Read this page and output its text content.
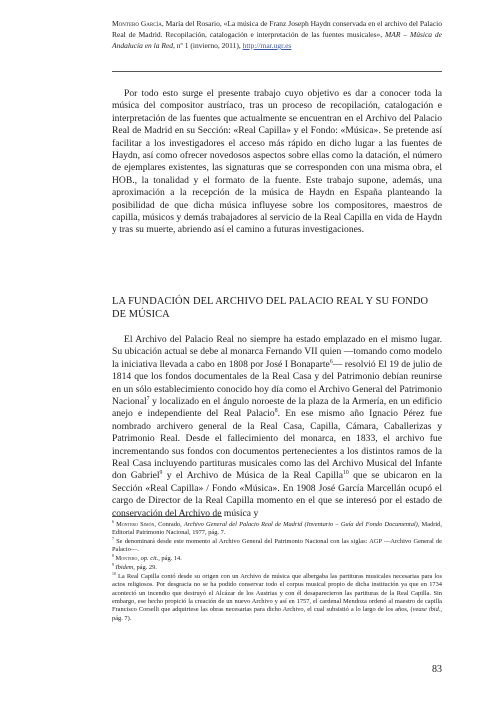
Montero García, María del Rosario, «La música de Franz Joseph Haydn conservada en el archivo del Palacio Real de Madrid. Recopilación, catalogación e interpretación de las fuentes musicales», MAR – Música de Andalucía en la Red, nº 1 (invierno, 2011), http://mar.ugr.es

Por todo esto surge el presente trabajo cuyo objetivo es dar a conocer toda la música del compositor austríaco, tras un proceso de recopilación, catalogación e interpretación de las fuentes que actualmente se encuentran en el Archivo del Palacio Real de Madrid en su Sección: «Real Capilla» y el Fondo: «Música». Se pretende así facilitar a los investigadores el acceso más rápido en dicho lugar a las fuentes de Haydn, así como ofrecer novedosos aspectos sobre ellas como la datación, el número de ejemplares existentes, las signaturas que se corresponden con una misma obra, el HOB., la tonalidad y el formato de la fuente. Este trabajo supone, además, una aproximación a la recepción de la música de Haydn en España planteando la posibilidad de que dicha música influyese sobre los compositores, maestros de capilla, músicos y demás trabajadores al servicio de la Real Capilla en vida de Haydn y tras su muerte, abriendo así el camino a futuras investigaciones.

LA FUNDACIÓN DEL ARCHIVO DEL PALACIO REAL Y SU FONDO DE MÚSICA

El Archivo del Palacio Real no siempre ha estado emplazado en el mismo lugar. Su ubicación actual se debe al monarca Fernando VII quien —tomando como modelo la iniciativa llevada a cabo en 1808 por José I Bonaparte$^6$— resolvió El 19 de julio de 1814 que los fondos documentales de la Real Casa y del Patrimonio debían reunirse en un sólo establecimiento conocido hoy día como el Archivo General del Patrimonio Nacional$^7$ y localizado en el ángulo noroeste de la plaza de la Armería, en un edificio anejo e independiente del Real Palacio$^8$. En ese mismo año Ignacio Pérez fue nombrado archivero general de la Real Casa, Capilla, Cámara, Caballerizas y Patrimonio Real. Desde el fallecimiento del monarca, en 1833, el archivo fue incrementando sus fondos con documentos pertenecientes a los distintos ramos de la Real Casa incluyendo partituras musicales como las del Archivo Musical del Infante don Gabriel$^9$ y el Archivo de Música de la Real Capilla$^{10}$ que se ubicaron en la Sección «Real Capilla» / Fondo «Música». En 1908 José García Marcellán ocupó el cargo de Director de la Real Capilla momento en el que se interesó por el estado de conservación del Archivo de música y

$^6$ Montero Simón, Conrado, Archivo General del Palacio Real de Madrid (Inventario – Guía del Fondo Documental), Madrid, Editorial Patrimonio Nacional, 1977, pág. 7.

$^7$ Se denominará desde este momento al Archivo General del Patrimonio Nacional con las siglas: AGP —Archivo General de Palacio—.

$^8$ Montero, op. cit., pág. 14.

$^9$ Ibidem, pág. 29.

$^{10}$ La Real Capilla contó desde su origen con un Archivo de música que albergaba las partituras musicales necesarias para los actos religiosos. Por desgracia no se ha podido conservar todo el corpus musical propio de dicha institución ya que en 1734 aconteció un incendio que destruyó el Alcázar de los Austrias y con él desaparecieron las partituras de la Real Capilla. Sin embargo, ese hecho propició la creación de un nuevo Archivo y así en 1757, el cardenal Mendoza ordenó al maestro de capilla Francisco Corselli que adquiriese las obras necesarias para dicho Archivo, el cual subsistió a lo largo de los años, (vease ibid., pág. 7).

83
